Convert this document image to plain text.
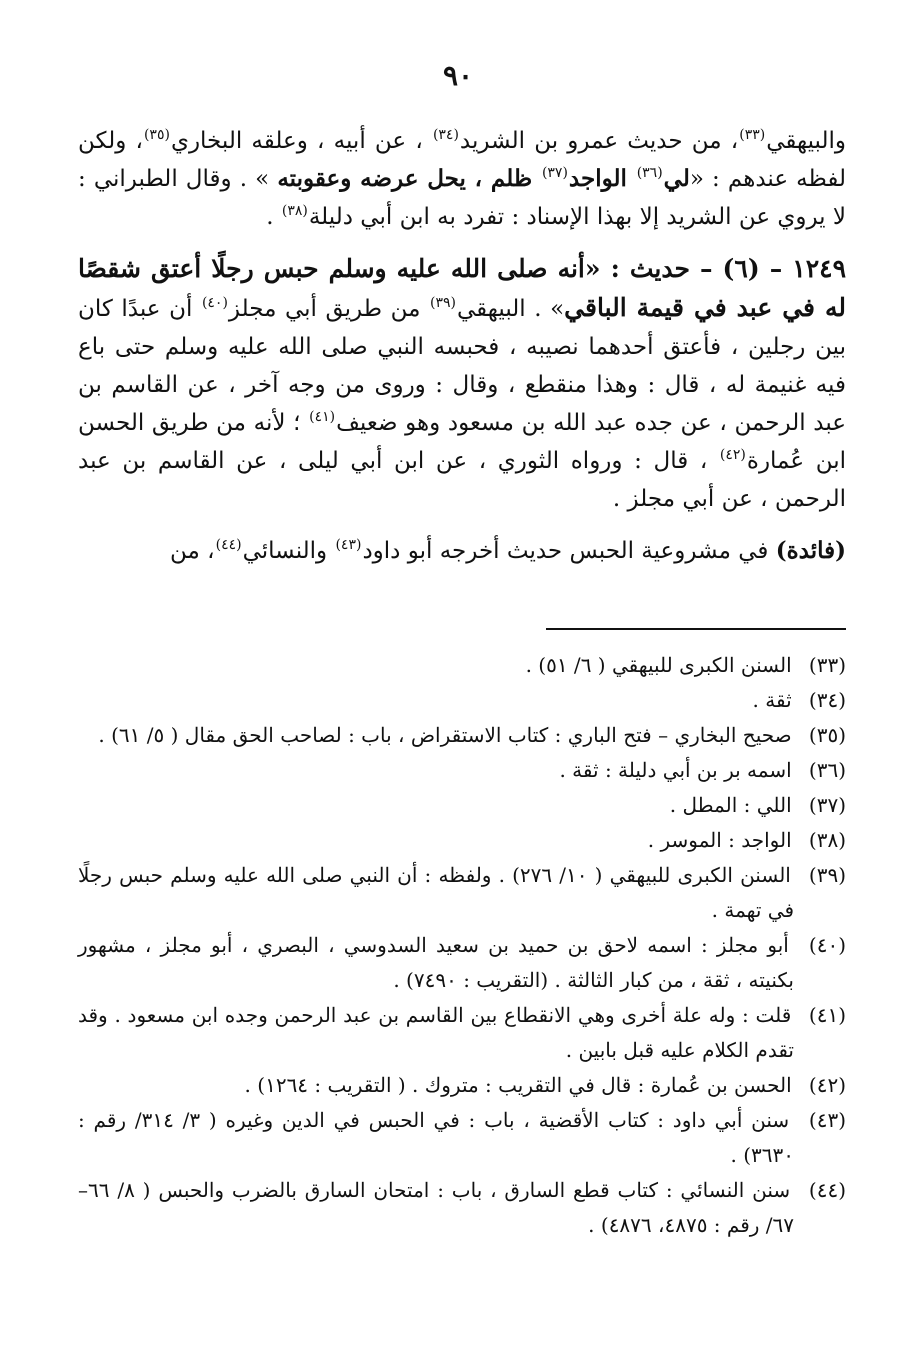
٩٠

والبيهقي$^{(٣٣)}$، من حديث عمرو بن الشريد$^{(٣٤)}$ ، عن أبيه ، وعلقه البخاري$^{(٣٥)}$، ولكن لفظه عندهم : «لي$^{(٣٦)}$ الواجد$^{(٣٧)}$ ظلم ، يحل عرضه وعقوبته » . وقال الطبراني : لا يروي عن الشريد إلا بهذا الإسناد : تفرد به ابن أبي دليلة$^{(٣٨)}$ .

١٢٤٩ – (٦) – حديث : «أنه صلى الله عليه وسلم حبس رجلًا أعتق شقصًا له في عبد في قيمة الباقي» . البيهقي$^{(٣٩)}$ من طريق أبي مجلز$^{(٤٠)}$ أن عبدًا كان بين رجلين ، فأعتق أحدهما نصيبه ، فحبسه النبي صلى الله عليه وسلم حتى باع فيه غنيمة له ، قال : وهذا منقطع ، وقال : وروى من وجه آخر ، عن القاسم بن عبد الرحمن ، عن جده عبد الله بن مسعود وهو ضعيف$^{(٤١)}$ ؛ لأنه من طريق الحسن ابن عُمارة$^{(٤٢)}$ ، قال : ورواه الثوري ، عن ابن أبي ليلى ، عن القاسم بن عبد الرحمن ، عن أبي مجلز .

(فائدة) في مشروعية الحبس حديث أخرجه أبو داود$^{(٤٣)}$ والنسائي$^{(٤٤)}$، من

(٣٣) السنن الكبرى للبيهقي ( ٦/ ٥١) .
(٣٤) ثقة .
(٣٥) صحيح البخاري – فتح الباري : كتاب الاستقراض ، باب : لصاحب الحق مقال ( ٥/ ٦١) .
(٣٦) اسمه بر بن أبي دليلة : ثقة .
(٣٧) اللي : المطل .
(٣٨) الواجد : الموسر .
(٣٩) السنن الكبرى للبيهقي ( ١٠/ ٢٧٦) . ولفظه : أن النبي صلى الله عليه وسلم حبس رجلًا في تهمة .
(٤٠) أبو مجلز : اسمه لاحق بن حميد بن سعيد السدوسي ، البصري ، أبو مجلز ، مشهور بكنيته ، ثقة ، من كبار الثالثة . (التقريب : ٧٤٩٠) .
(٤١) قلت : وله علة أخرى وهي الانقطاع بين القاسم بن عبد الرحمن وجده ابن مسعود . وقد تقدم الكلام عليه قبل بابين .
(٤٢) الحسن بن عُمارة : قال في التقريب : متروك . ( التقريب : ١٢٦٤) .
(٤٣) سنن أبي داود : كتاب الأقضية ، باب : في الحبس في الدين وغيره ( ٣/ ٣١٤/ رقم : ٣٦٣٠) .
(٤٤) سنن النسائي : كتاب قطع السارق ، باب : امتحان السارق بالضرب والحبس ( ٨/ ٦٦– ٦٧/ رقم : ٤٨٧٥، ٤٨٧٦) .
